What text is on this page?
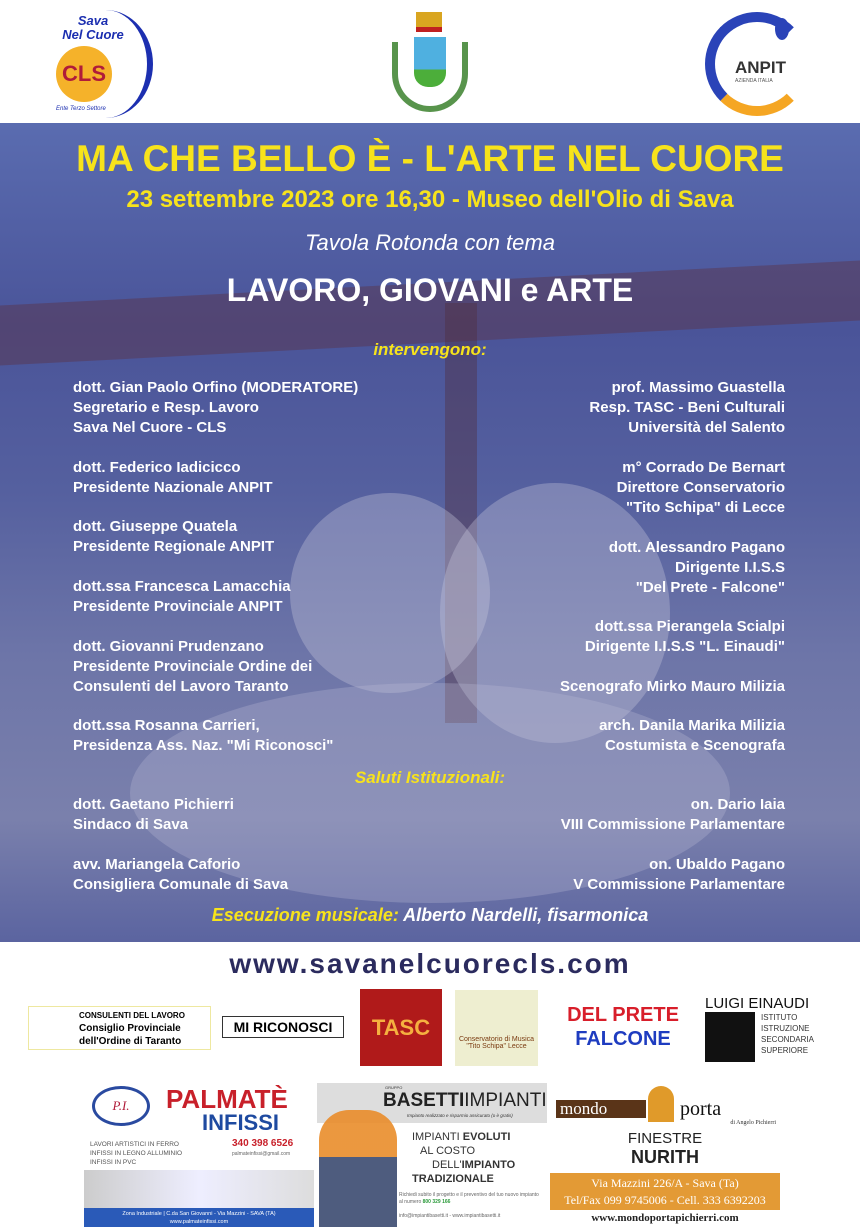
Sava
Nel Cuore
CLS
Ente Terzo Settore
ANPIT
AZIENDA ITALIA
MA CHE BELLO È - L'ARTE NEL CUORE
23 settembre 2023 ore 16,30 - Museo dell'Olio di Sava
Tavola Rotonda con tema
LAVORO, GIOVANI e ARTE
intervengono:
Saluti Istituzionali:
dott. Gian Paolo Orfino (MODERATORE)
Segretario e Resp. Lavoro
Sava Nel Cuore - CLS
dott. Federico Iadicicco
Presidente Nazionale ANPIT
dott. Giuseppe Quatela
Presidente Regionale ANPIT
dott.ssa Francesca Lamacchia
Presidente Provinciale ANPIT
dott. Giovanni Prudenzano
Presidente Provinciale Ordine dei
Consulenti del Lavoro Taranto
dott.ssa Rosanna Carrieri,
Presidenza Ass. Naz. "Mi Riconosci"
prof. Massimo Guastella
Resp. TASC - Beni Culturali
Università del Salento
m° Corrado De Bernart
Direttore Conservatorio
"Tito Schipa" di Lecce
dott. Alessandro Pagano
Dirigente I.I.S.S
"Del Prete - Falcone"
dott.ssa Pierangela Scialpi
Dirigente I.I.S.S "L. Einaudi"
Scenografo Mirko Mauro Milizia
arch. Danila Marika Milizia
Costumista e Scenografa
dott. Gaetano Pichierri
Sindaco di Sava
avv. Mariangela Caforio
Consigliera Comunale di Sava
on. Dario Iaia
VIII Commissione Parlamentare
on. Ubaldo Pagano
V Commissione Parlamentare
Esecuzione musicale: Alberto Nardelli, fisarmonica
www.savanelcuorecls.com
CONSULENTI DEL LAVORO
Consiglio Provinciale
dell'Ordine di Taranto
MI RICONOSCI TASC	Conservatorio di Musica
"Tito Schipa" Lecce
DEL PRETE
FALCONE
LUIGI EINAUDI
ISTITUTO
ISTRUZIONE
SECONDARIA
SUPERIORE
P.I.	PALMATÈ
INFISSI
LAVORI ARTISTICI IN FERRO
INFISSI IN LEGNO ALLUMINIO
INFISSI IN PVC
340 398 6526
palmateinfissi@gmail.com
Zona Industriale | C.da San Giovanni - Via Mazzini - SAVA (TA)
www.palmateinfissi.com
GRUPPO
BASETTIIMPIANTI
Impianto realizzato e risparmio assicurato (o è gratis)
IMPIANTI EVOLUTI
AL COSTO
DELL'IMPIANTO
TRADIZIONALE
Richiedi subito il progetto e il preventivo del tuo nuovo impianto al numero 800 329 166
info@impiantibasetti.it - www.impiantibasetti.it
mondo	porta
di Angelo Pichierri
FINESTRE
NURITH
Via Mazzini 226/A - Sava (Ta)
Tel/Fax 099 9745006 - Cell. 333 6392203
www.mondoportapichierri.com
